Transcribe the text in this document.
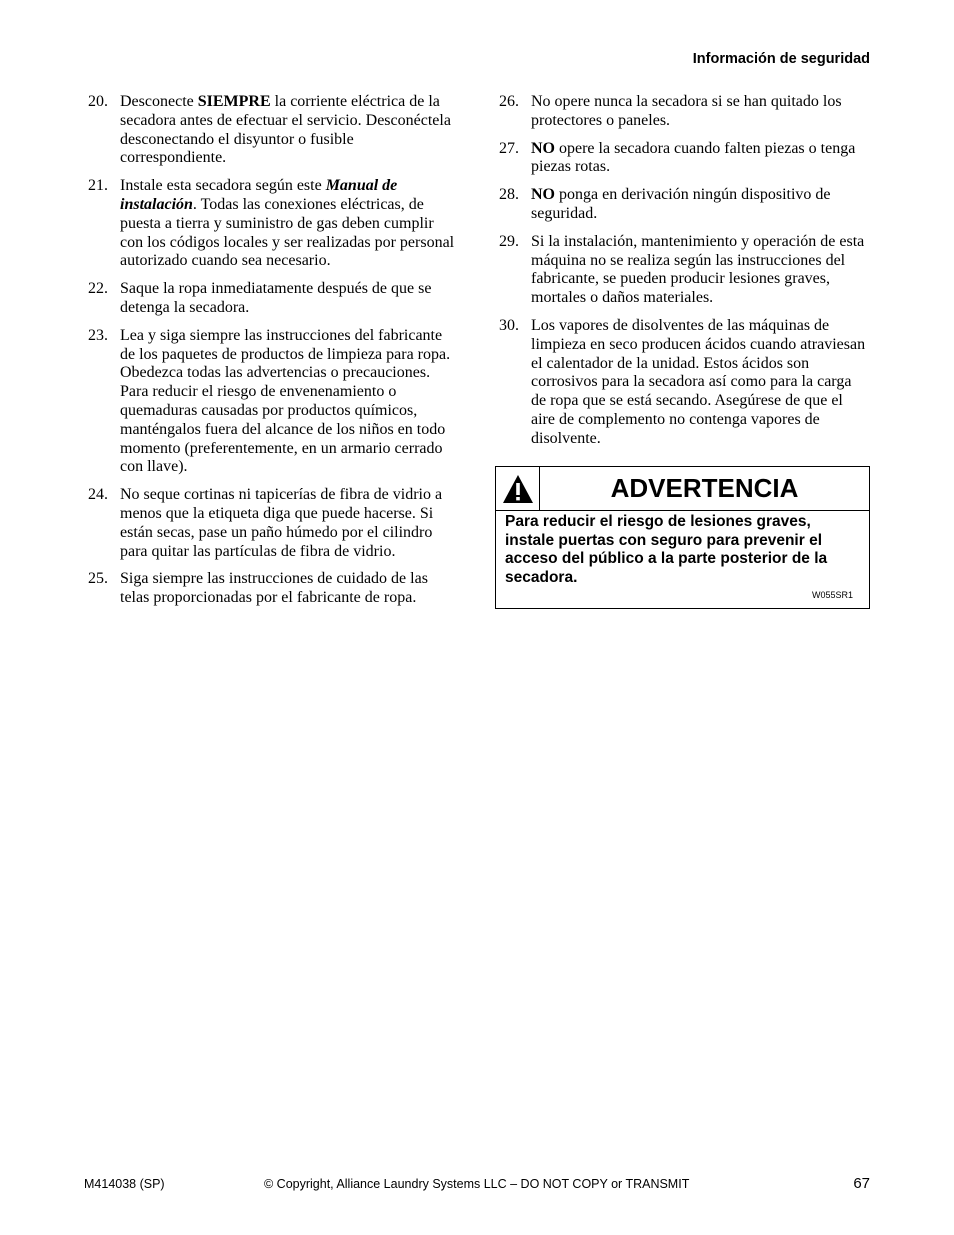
Información de seguridad
20. Desconecte SIEMPRE la corriente eléctrica de la secadora antes de efectuar el servicio. Desconéctela desconectando el disyuntor o fusible correspondiente.
21. Instale esta secadora según este Manual de instalación. Todas las conexiones eléctricas, de puesta a tierra y suministro de gas deben cumplir con los códigos locales y ser realizadas por personal autorizado cuando sea necesario.
22. Saque la ropa inmediatamente después de que se detenga la secadora.
23. Lea y siga siempre las instrucciones del fabricante de los paquetes de productos de limpieza para ropa. Obedezca todas las advertencias o precauciones. Para reducir el riesgo de envenenamiento o quemaduras causadas por productos químicos, manténgalos fuera del alcance de los niños en todo momento (preferentemente, en un armario cerrado con llave).
24. No seque cortinas ni tapicerías de fibra de vidrio a menos que la etiqueta diga que puede hacerse. Si están secas, pase un paño húmedo por el cilindro para quitar las partículas de fibra de vidrio.
25. Siga siempre las instrucciones de cuidado de las telas proporcionadas por el fabricante de ropa.
26. No opere nunca la secadora si se han quitado los protectores o paneles.
27. NO opere la secadora cuando falten piezas o tenga piezas rotas.
28. NO ponga en derivación ningún dispositivo de seguridad.
29. Si la instalación, mantenimiento y operación de esta máquina no se realiza según las instrucciones del fabricante, se pueden producir lesiones graves, mortales o daños materiales.
30. Los vapores de disolventes de las máquinas de limpieza en seco producen ácidos cuando atraviesan el calentador de la unidad. Estos ácidos son corrosivos para la secadora así como para la carga de ropa que se está secando. Asegúrese de que el aire de complemento no contenga vapores de disolvente.
ADVERTENCIA
Para reducir el riesgo de lesiones graves, instale puertas con seguro para prevenir el acceso del público a la parte posterior de la secadora.
W055SR1
M414038 (SP)	© Copyright, Alliance Laundry Systems LLC – DO NOT COPY or TRANSMIT	67
